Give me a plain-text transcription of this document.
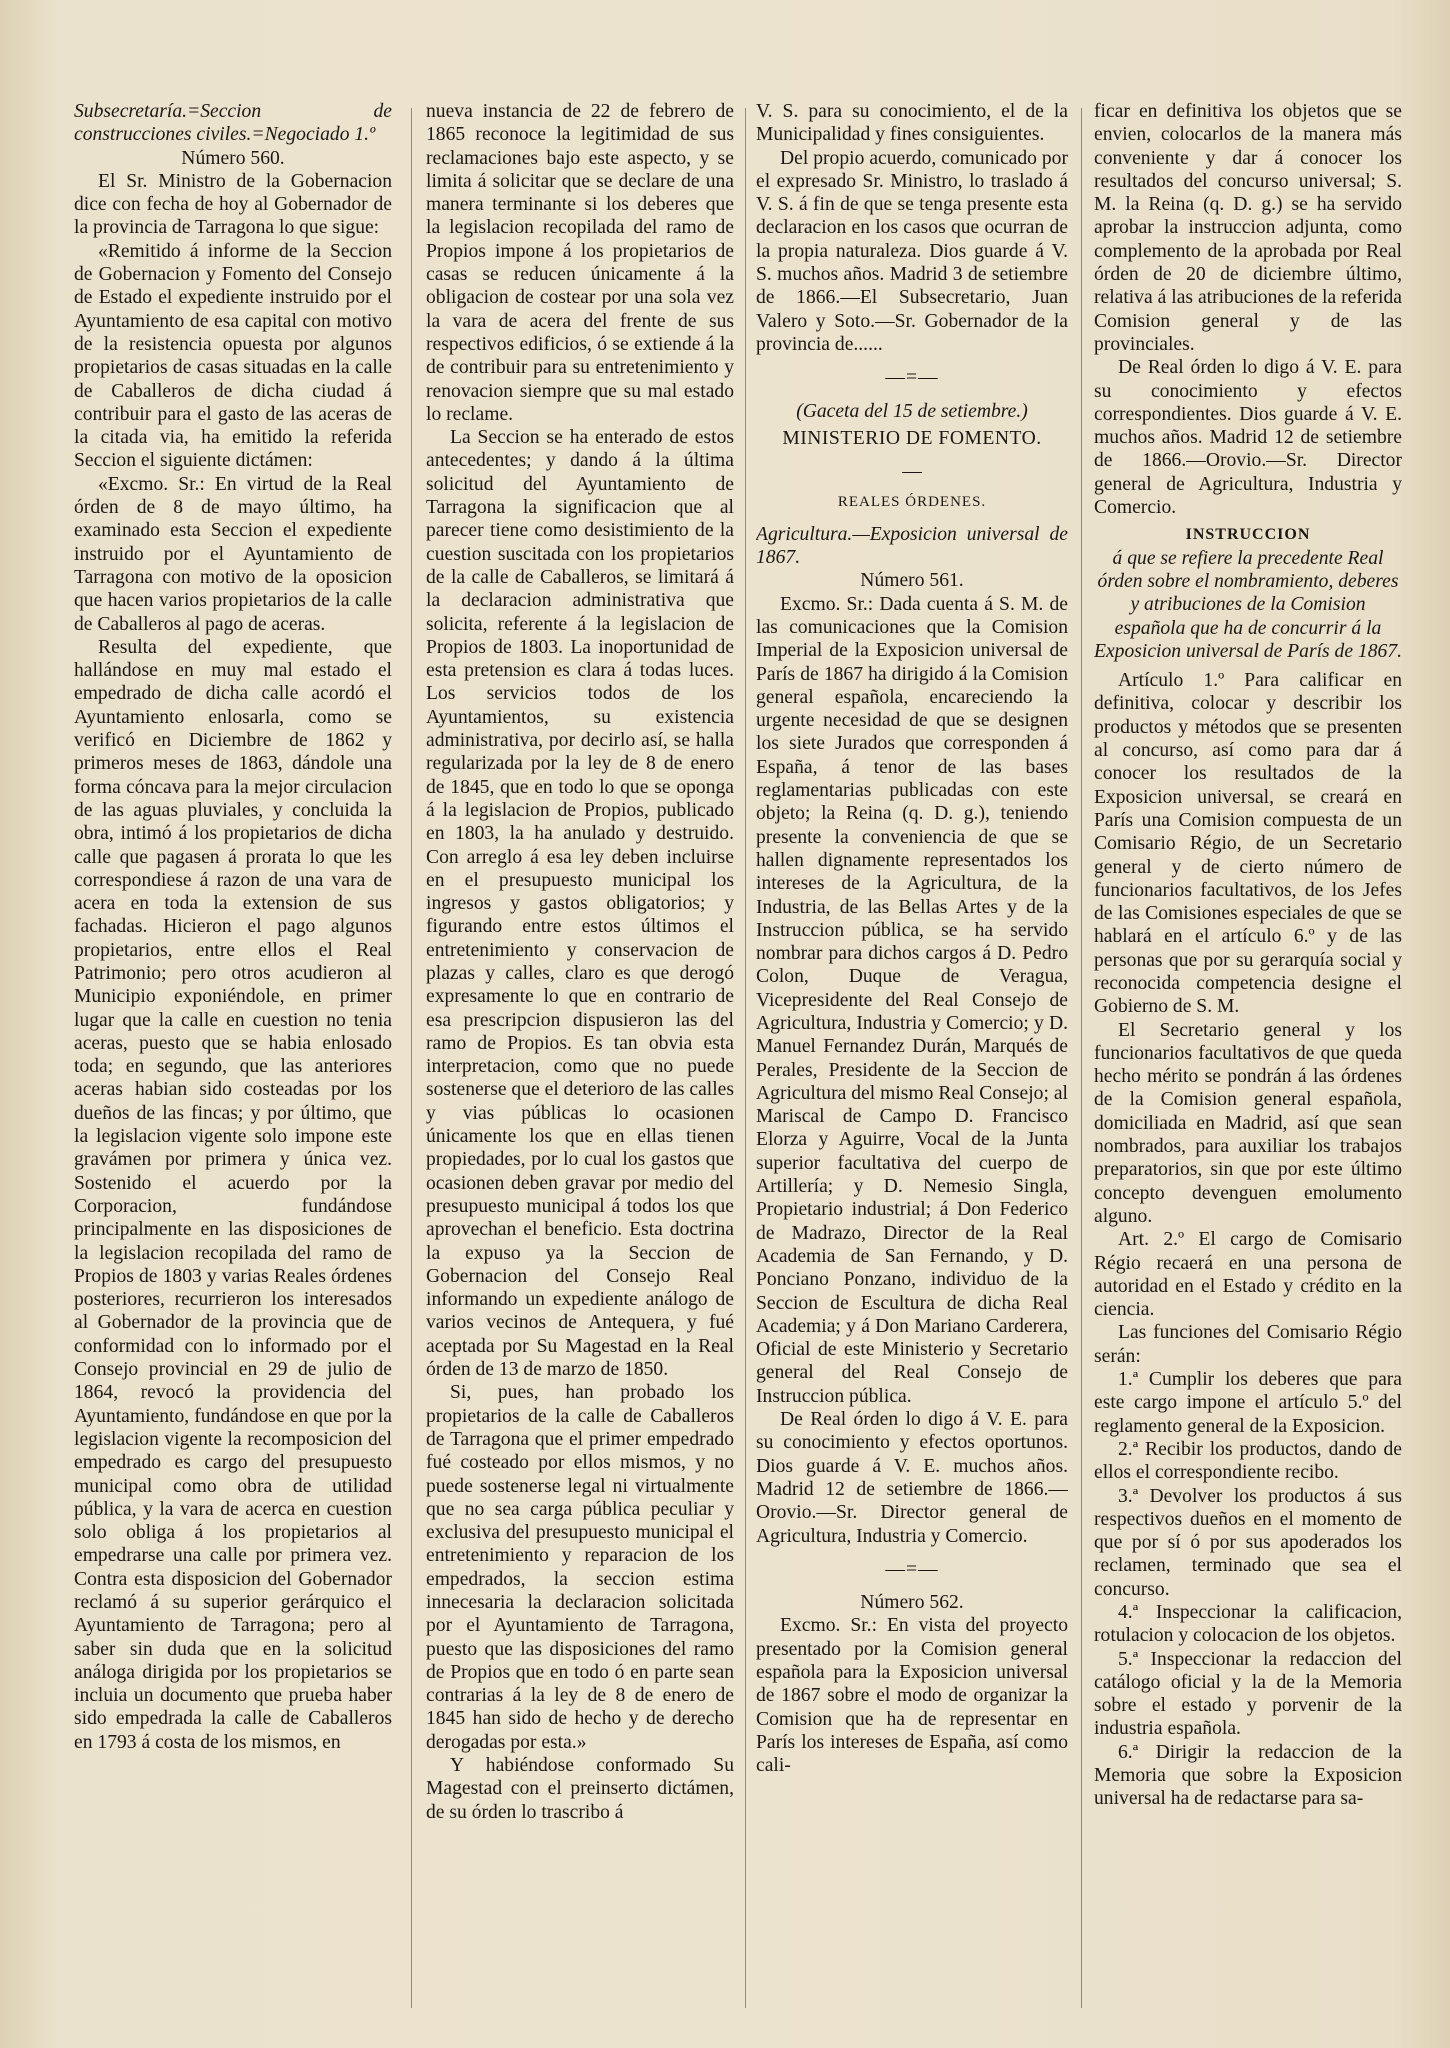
Subsecretaría.=Seccion de construcciones civiles.=Negociado 1.º

Número 560.

El Sr. Ministro de la Gobernacion dice con fecha de hoy al Gobernador de la provincia de Tarragona lo que sigue:

«Remitido á informe de la Seccion de Gobernacion y Fomento del Consejo de Estado el expediente instruido por el Ayuntamiento de esa capital con motivo de la resistencia opuesta por algunos propietarios de casas situadas en la calle de Caballeros de dicha ciudad á contribuir para el gasto de las aceras de la citada via, ha emitido la referida Seccion el siguiente dictámen:

«Excmo. Sr.: En virtud de la Real órden de 8 de mayo último, ha examinado esta Seccion el expediente instruido por el Ayuntamiento de Tarragona con motivo de la oposicion que hacen varios propietarios de la calle de Caballeros al pago de aceras.

Resulta del expediente, que hallándose en muy mal estado el empedrado de dicha calle acordó el Ayuntamiento enlosarla, como se verificó en Diciembre de 1862 y primeros meses de 1863, dándole una forma cóncava para la mejor circulacion de las aguas pluviales, y concluida la obra, intimó á los propietarios de dicha calle que pagasen á prorata lo que les correspondiese á razon de una vara de acera en toda la extension de sus fachadas. Hicieron el pago algunos propietarios, entre ellos el Real Patrimonio; pero otros acudieron al Municipio exponiéndole, en primer lugar que la calle en cuestion no tenia aceras, puesto que se habia enlosado toda; en segundo, que las anteriores aceras habian sido costeadas por los dueños de las fincas; y por último, que la legislacion vigente solo impone este gravámen por primera y única vez. Sostenido el acuerdo por la Corporacion, fundándose principalmente en las disposiciones de la legislacion recopilada del ramo de Propios de 1803 y varias Reales órdenes posteriores, recurrieron los interesados al Gobernador de la provincia que de conformidad con lo informado por el Consejo provincial en 29 de julio de 1864, revocó la providencia del Ayuntamiento, fundándose en que por la legislacion vigente la recomposicion del empedrado es cargo del presupuesto municipal como obra de utilidad pública, y la vara de acerca en cuestion solo obliga á los propietarios al empedrarse una calle por primera vez. Contra esta disposicion del Gobernador reclamó á su superior gerárquico el Ayuntamiento de Tarragona; pero al saber sin duda que en la solicitud análoga dirigida por los propietarios se incluia un documento que prueba haber sido empedrada la calle de Caballeros en 1793 á costa de los mismos, en

nueva instancia de 22 de febrero de 1865 reconoce la legitimidad de sus reclamaciones bajo este aspecto, y se limita á solicitar que se declare de una manera terminante si los deberes que la legislacion recopilada del ramo de Propios impone á los propietarios de casas se reducen únicamente á la obligacion de costear por una sola vez la vara de acera del frente de sus respectivos edificios, ó se extiende á la de contribuir para su entretenimiento y renovacion siempre que su mal estado lo reclame.

La Seccion se ha enterado de estos antecedentes; y dando á la última solicitud del Ayuntamiento de Tarragona la significacion que al parecer tiene como desistimiento de la cuestion suscitada con los propietarios de la calle de Caballeros, se limitará á la declaracion administrativa que solicita, referente á la legislacion de Propios de 1803. La inoportunidad de esta pretension es clara á todas luces. Los servicios todos de los Ayuntamientos, su existencia administrativa, por decirlo así, se halla regularizada por la ley de 8 de enero de 1845, que en todo lo que se oponga á la legislacion de Propios, publicado en 1803, la ha anulado y destruido. Con arreglo á esa ley deben incluirse en el presupuesto municipal los ingresos y gastos obligatorios; y figurando entre estos últimos el entretenimiento y conservacion de plazas y calles, claro es que derogó expresamente lo que en contrario de esa prescripcion dispusieron las del ramo de Propios. Es tan obvia esta interpretacion, como que no puede sostenerse que el deterioro de las calles y vias públicas lo ocasionen únicamente los que en ellas tienen propiedades, por lo cual los gastos que ocasionen deben gravar por medio del presupuesto municipal á todos los que aprovechan el beneficio. Esta doctrina la expuso ya la Seccion de Gobernacion del Consejo Real informando un expediente análogo de varios vecinos de Antequera, y fué aceptada por Su Magestad en la Real órden de 13 de marzo de 1850.

Si, pues, han probado los propietarios de la calle de Caballeros de Tarragona que el primer empedrado fué costeado por ellos mismos, y no puede sostenerse legal ni virtualmente que no sea carga pública peculiar y exclusiva del presupuesto municipal el entretenimiento y reparacion de los empedrados, la seccion estima innecesaria la declaracion solicitada por el Ayuntamiento de Tarragona, puesto que las disposiciones del ramo de Propios que en todo ó en parte sean contrarias á la ley de 8 de enero de 1845 han sido de hecho y de derecho derogadas por esta.»

Y habiéndose conformado Su Magestad con el preinserto dictámen, de su órden lo trascribo á

V. S. para su conocimiento, el de la Municipalidad y fines consiguientes.

Del propio acuerdo, comunicado por el expresado Sr. Ministro, lo traslado á V. S. á fin de que se tenga presente esta declaracion en los casos que ocurran de la propia naturaleza. Dios guarde á V. S. muchos años. Madrid 3 de setiembre de 1866.—El Subsecretario, Juan Valero y Soto.—Sr. Gobernador de la provincia de......

—=—

(Gaceta del 15 de setiembre.)

MINISTERIO DE FOMENTO.

—

REALES ÓRDENES.

Agricultura.—Exposicion universal de 1867.

Número 561.

Excmo. Sr.: Dada cuenta á S. M. de las comunicaciones que la Comision Imperial de la Exposicion universal de París de 1867 ha dirigido á la Comision general española, encareciendo la urgente necesidad de que se designen los siete Jurados que corresponden á España, á tenor de las bases reglamentarias publicadas con este objeto; la Reina (q. D. g.), teniendo presente la conveniencia de que se hallen dignamente representados los intereses de la Agricultura, de la Industria, de las Bellas Artes y de la Instruccion pública, se ha servido nombrar para dichos cargos á D. Pedro Colon, Duque de Veragua, Vicepresidente del Real Consejo de Agricultura, Industria y Comercio; y D. Manuel Fernandez Durán, Marqués de Perales, Presidente de la Seccion de Agricultura del mismo Real Consejo; al Mariscal de Campo D. Francisco Elorza y Aguirre, Vocal de la Junta superior facultativa del cuerpo de Artillería; y D. Nemesio Singla, Propietario industrial; á Don Federico de Madrazo, Director de la Real Academia de San Fernando, y D. Ponciano Ponzano, individuo de la Seccion de Escultura de dicha Real Academia; y á Don Mariano Carderera, Oficial de este Ministerio y Secretario general del Real Consejo de Instruccion pública.

De Real órden lo digo á V. E. para su conocimiento y efectos oportunos. Dios guarde á V. E. muchos años. Madrid 12 de setiembre de 1866.—Orovio.—Sr. Director general de Agricultura, Industria y Comercio.

—=—

Número 562.

Excmo. Sr.: En vista del proyecto presentado por la Comision general española para la Exposicion universal de 1867 sobre el modo de organizar la Comision que ha de representar en París los intereses de España, así como cali-

ficar en definitiva los objetos que se envien, colocarlos de la manera más conveniente y dar á conocer los resultados del concurso universal; S. M. la Reina (q. D. g.) se ha servido aprobar la instruccion adjunta, como complemento de la aprobada por Real órden de 20 de diciembre último, relativa á las atribuciones de la referida Comision general y de las provinciales.

De Real órden lo digo á V. E. para su conocimiento y efectos correspondientes. Dios guarde á V. E. muchos años. Madrid 12 de setiembre de 1866.—Orovio.—Sr. Director general de Agricultura, Industria y Comercio.

INSTRUCCION

á que se refiere la precedente Real órden sobre el nombramiento, deberes y atribuciones de la Comision española que ha de concurrir á la Exposicion universal de París de 1867.

Artículo 1.º Para calificar en definitiva, colocar y describir los productos y métodos que se presenten al concurso, así como para dar á conocer los resultados de la Exposicion universal, se creará en París una Comision compuesta de un Comisario Régio, de un Secretario general y de cierto número de funcionarios facultativos, de los Jefes de las Comisiones especiales de que se hablará en el artículo 6.º y de las personas que por su gerarquía social y reconocida competencia designe el Gobierno de S. M.

El Secretario general y los funcionarios facultativos de que queda hecho mérito se pondrán á las órdenes de la Comision general española, domiciliada en Madrid, así que sean nombrados, para auxiliar los trabajos preparatorios, sin que por este último concepto devenguen emolumento alguno.

Art. 2.º El cargo de Comisario Régio recaerá en una persona de autoridad en el Estado y crédito en la ciencia.

Las funciones del Comisario Régio serán:

1.ª Cumplir los deberes que para este cargo impone el artículo 5.º del reglamento general de la Exposicion.

2.ª Recibir los productos, dando de ellos el correspondiente recibo.

3.ª Devolver los productos á sus respectivos dueños en el momento de que por sí ó por sus apoderados los reclamen, terminado que sea el concurso.

4.ª Inspeccionar la calificacion, rotulacion y colocacion de los objetos.

5.ª Inspeccionar la redaccion del catálogo oficial y la de la Memoria sobre el estado y porvenir de la industria española.

6.ª Dirigir la redaccion de la Memoria que sobre la Exposicion universal ha de redactarse para sa-
